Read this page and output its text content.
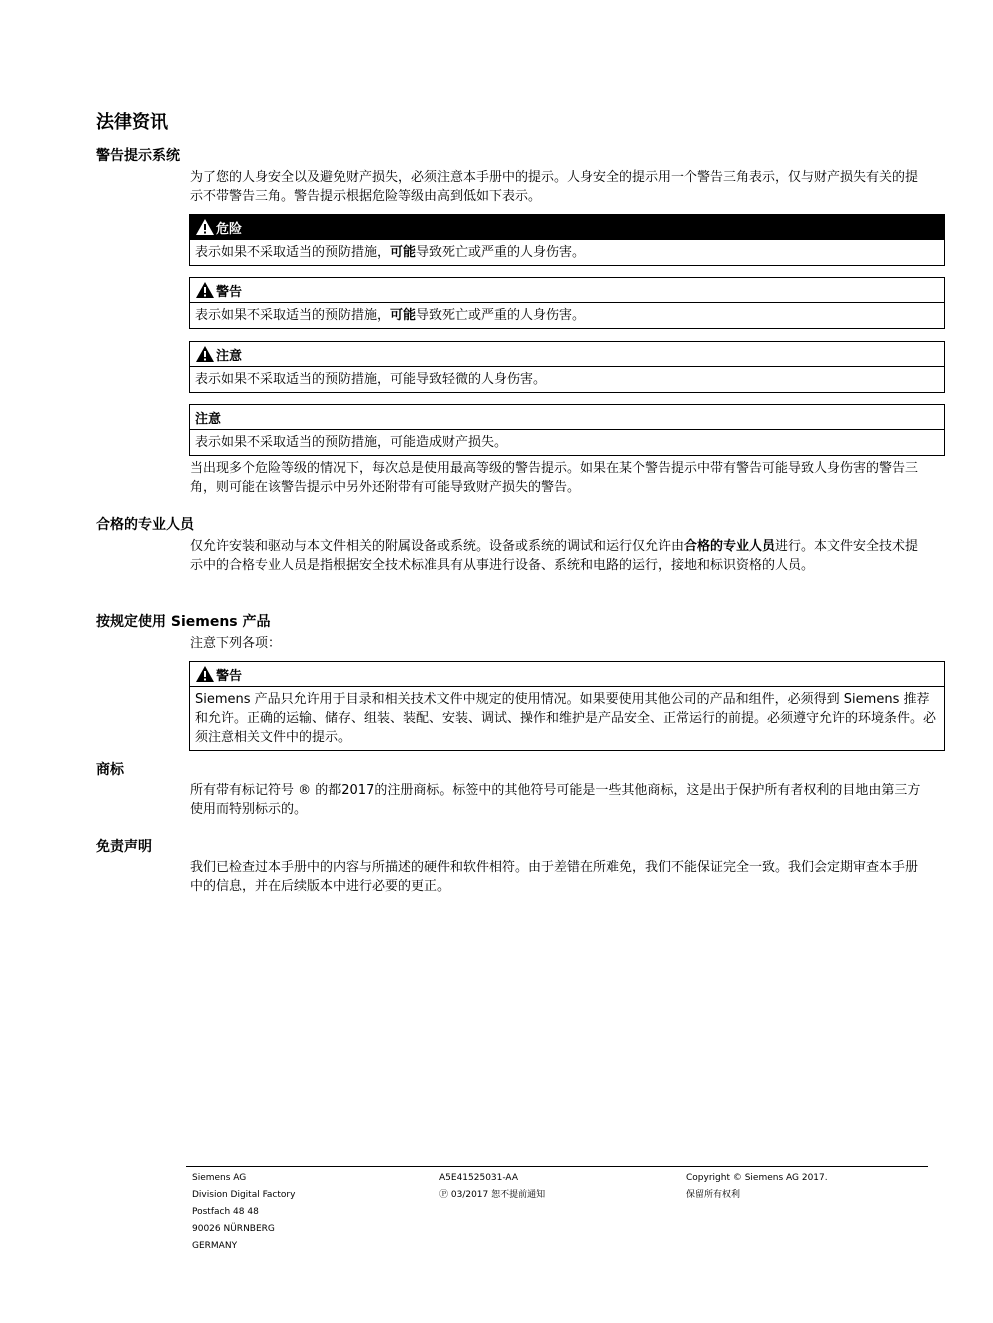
法律资讯
警告提示系统
为了您的人身安全以及避免财产损失，必须注意本手册中的提示。人身安全的提示用一个警告三角表示，仅与财产损失有关的提示不带警告三角。警告提示根据危险等级由高到低如下表示。
危险
表示如果不采取适当的预防措施，可能导致死亡或严重的人身伤害。
警告
表示如果不采取适当的预防措施，可能导致死亡或严重的人身伤害。
注意
表示如果不采取适当的预防措施，可能导致轻微的人身伤害。
注意
表示如果不采取适当的预防措施，可能造成财产损失。
当出现多个危险等级的情况下，每次总是使用最高等级的警告提示。如果在某个警告提示中带有警告可能导致人身伤害的警告三角，则可能在该警告提示中另外还附带有可能导致财产损失的警告。
合格的专业人员
仅允许安装和驱动与本文件相关的附属设备或系统。设备或系统的调试和运行仅允许由合格的专业人员进行。本文件安全技术提示中的合格专业人员是指根据安全技术标准具有从事进行设备、系统和电路的运行，接地和标识资格的人员。
按规定使用 Siemens 产品
注意下列各项：
警告
Siemens 产品只允许用于目录和相关技术文件中规定的使用情况。如果要使用其他公司的产品和组件，必须得到 Siemens 推荐和允许。正确的运输、储存、组装、装配、安装、调试、操作和维护是产品安全、正常运行的前提。必须遵守允许的环境条件。必须注意相关文件中的提示。
商标
所有带有标记符号 ® 的都2017的注册商标。标签中的其他符号可能是一些其他商标，这是出于保护所有者权利的目地由第三方使用而特别标示的。
免责声明
我们已检查过本手册中的内容与所描述的硬件和软件相符。由于差错在所难免，我们不能保证完全一致。我们会定期审查本手册中的信息，并在后续版本中进行必要的更正。
Siemens AG
Division Digital Factory
Postfach 48 48
90026 NÜRNBERG
GERMANY
A5E41525031-AA
Ⓟ 03/2017 恕不提前通知
Copyright © Siemens AG 2017.
保留所有权利
